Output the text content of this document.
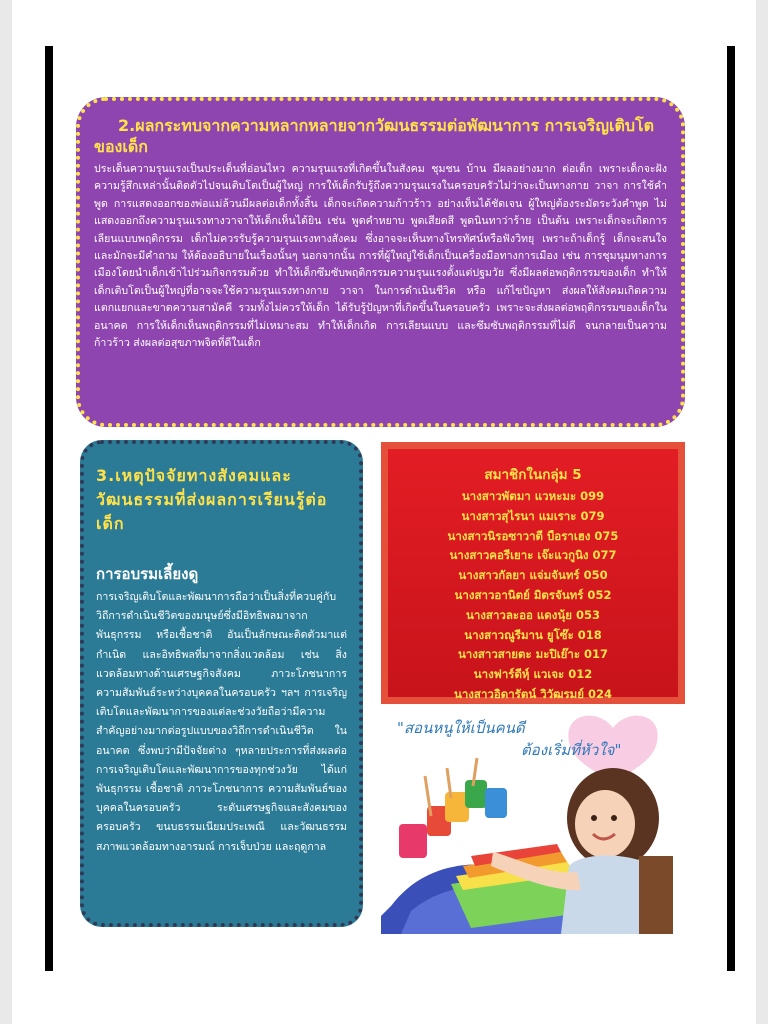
2.ผลกระทบจากความหลากหลายจากวัฒนธรรมต่อพัฒนาการ การเจริญเติบโตของเด็ก

ประเด็นความรุนแรงเป็นประเด็นที่อ่อนไหว ความรุนแรงที่เกิดขึ้นในสังคม ชุมชน บ้าน มีผลอย่างมาก ต่อเด็ก เพราะเด็กจะฝังความรู้สึกเหล่านั้นติดตัวไปจนเติบโตเป็นผู้ใหญ่ การให้เด็กรับรู้ถึงความรุนแรงในครอบครัวไม่ว่าจะเป็นทางกาย วาจา การใช้คำพูด การแสดงออกของพ่อแม่ล้วนมีผลต่อเด็กทั้งสิ้น เด็กจะเกิดความก้าวร้าว อย่างเห็นได้ชัดเจน ผู้ใหญ่ต้องระมัดระวังคำพูด ไม่แสดงออกถึงความรุนแรงทางวาจาให้เด็กเห็นได้ยิน เช่น พูดคำหยาบ พูดเสียดสี พูดนินทาว่าร้าย เป็นต้น เพราะเด็กจะเกิดการเลียนแบบพฤติกรรม เด็กไม่ควรรับรู้ความรุนแรงทางสังคม ซึ่งอาจจะเห็นทางโทรทัศน์หรือฟังวิทยุ เพราะถ้าเด็กรู้ เด็กจะสนใจ และมักจะมีคำถาม ให้ต้องอธิบายในเรื่องนั้นๆ นอกจากนั้น การที่ผู้ใหญ่ใช้เด็กเป็นเครื่องมือทางการเมือง เช่น การชุมนุมทางการเมืองโดยนำเด็กเข้าไปร่วมกิจกรรมด้วย ทำให้เด็กซึมซับพฤติกรรมความรุนแรงตั้งแต่ปฐมวัย ซึ่งมีผลต่อพฤติกรรมของเด็ก ทำให้เด็กเติบโตเป็นผู้ใหญ่ที่อาจจะใช้ความรุนแรงทางกาย วาจา ในการดำเนินชีวิต หรือ แก้ไขปัญหา ส่งผลให้สังคมเกิดความแตกแยกและขาดความสามัคคี รวมทั้งไม่ควรให้เด็ก ได้รับรู้ปัญหาที่เกิดขึ้นในครอบครัว เพราะจะส่งผลต่อพฤติกรรมของเด็กในอนาคต การให้เด็กเห็นพฤติกรรมที่ไม่เหมาะสม ทำให้เด็กเกิด การเลียนแบบ และซึมซับพฤติกรรมที่ไม่ดี จนกลายเป็นความก้าวร้าว ส่งผลต่อสุขภาพจิตที่ดีในเด็ก

3.เหตุปัจจัยทางสังคมและวัฒนธรรมที่ส่งผลการเรียนรู้ต่อเด็ก
การอบรมเลี้ยงดู

การเจริญเติบโตและพัฒนาการถือว่าเป็นสิ่งที่ควบคู่กับวิถีการดำเนินชีวิตของมนุษย์ซึ่งมีอิทธิพลมาจากพันธุกรรม หรือเชื้อชาติ อันเป็นลักษณะติดตัวมาแต่กำเนิด และอิทธิพลที่มาจากสิ่งแวดล้อม เช่น สิ่งแวดล้อมทางด้านเศรษฐกิจสังคม ภาวะโภชนาการ ความสัมพันธ์ระหว่างบุคคลในครอบครัว ฯลฯ การเจริญเติบโตและพัฒนาการของแต่ละช่วงวัยถือว่ามีความสำคัญอย่างมากต่อรูปแบบของวิถีการดำเนินชีวิต ในอนาคต ซึ่งพบว่ามีปัจจัยต่าง ๆหลายประการที่ส่งผลต่อการเจริญเติบโตและพัฒนาการของทุกช่วงวัย ได้แก่ พันธุกรรม เชื้อชาติ ภาวะโภชนาการ ความสัมพันธ์ของบุคคลในครอบครัว ระดับเศรษฐกิจและสังคมของครอบครัว ขนบธรรมเนียมประเพณี และวัฒนธรรม สภาพแวดล้อมทางอารมณ์ การเจ็บป่วย และฤดูกาล

สมาชิกในกลุ่ม 5
นางสาวพัตมา แวหะมะ 099
นางสาวสุไรนา แมเราะ 079
นางสาวนิรอซาวาตี บือราเฮง 075
นางสาวคอรีเยาะ เจ๊ะแวกูนิง 077
นางสาวกัลยา แจ่มจันทร์ 050
นางสาวอานิตย์ มิตรจันทร์ 052
นางสาวละออ แดงนุ้ย 053
นางสาวณูรีมาน ยูโซ๊ะ 018
นางสาวสายตะ มะปิเย๊าะ 017
นางฟาร์ดีหฺ์ แวเจะ 012
นางสาวอิดารัตน์ วิวัฒรมย์ 024
"สอนหนูให้เป็นคนดี
ต้องเริ่มที่หัวใจ"
